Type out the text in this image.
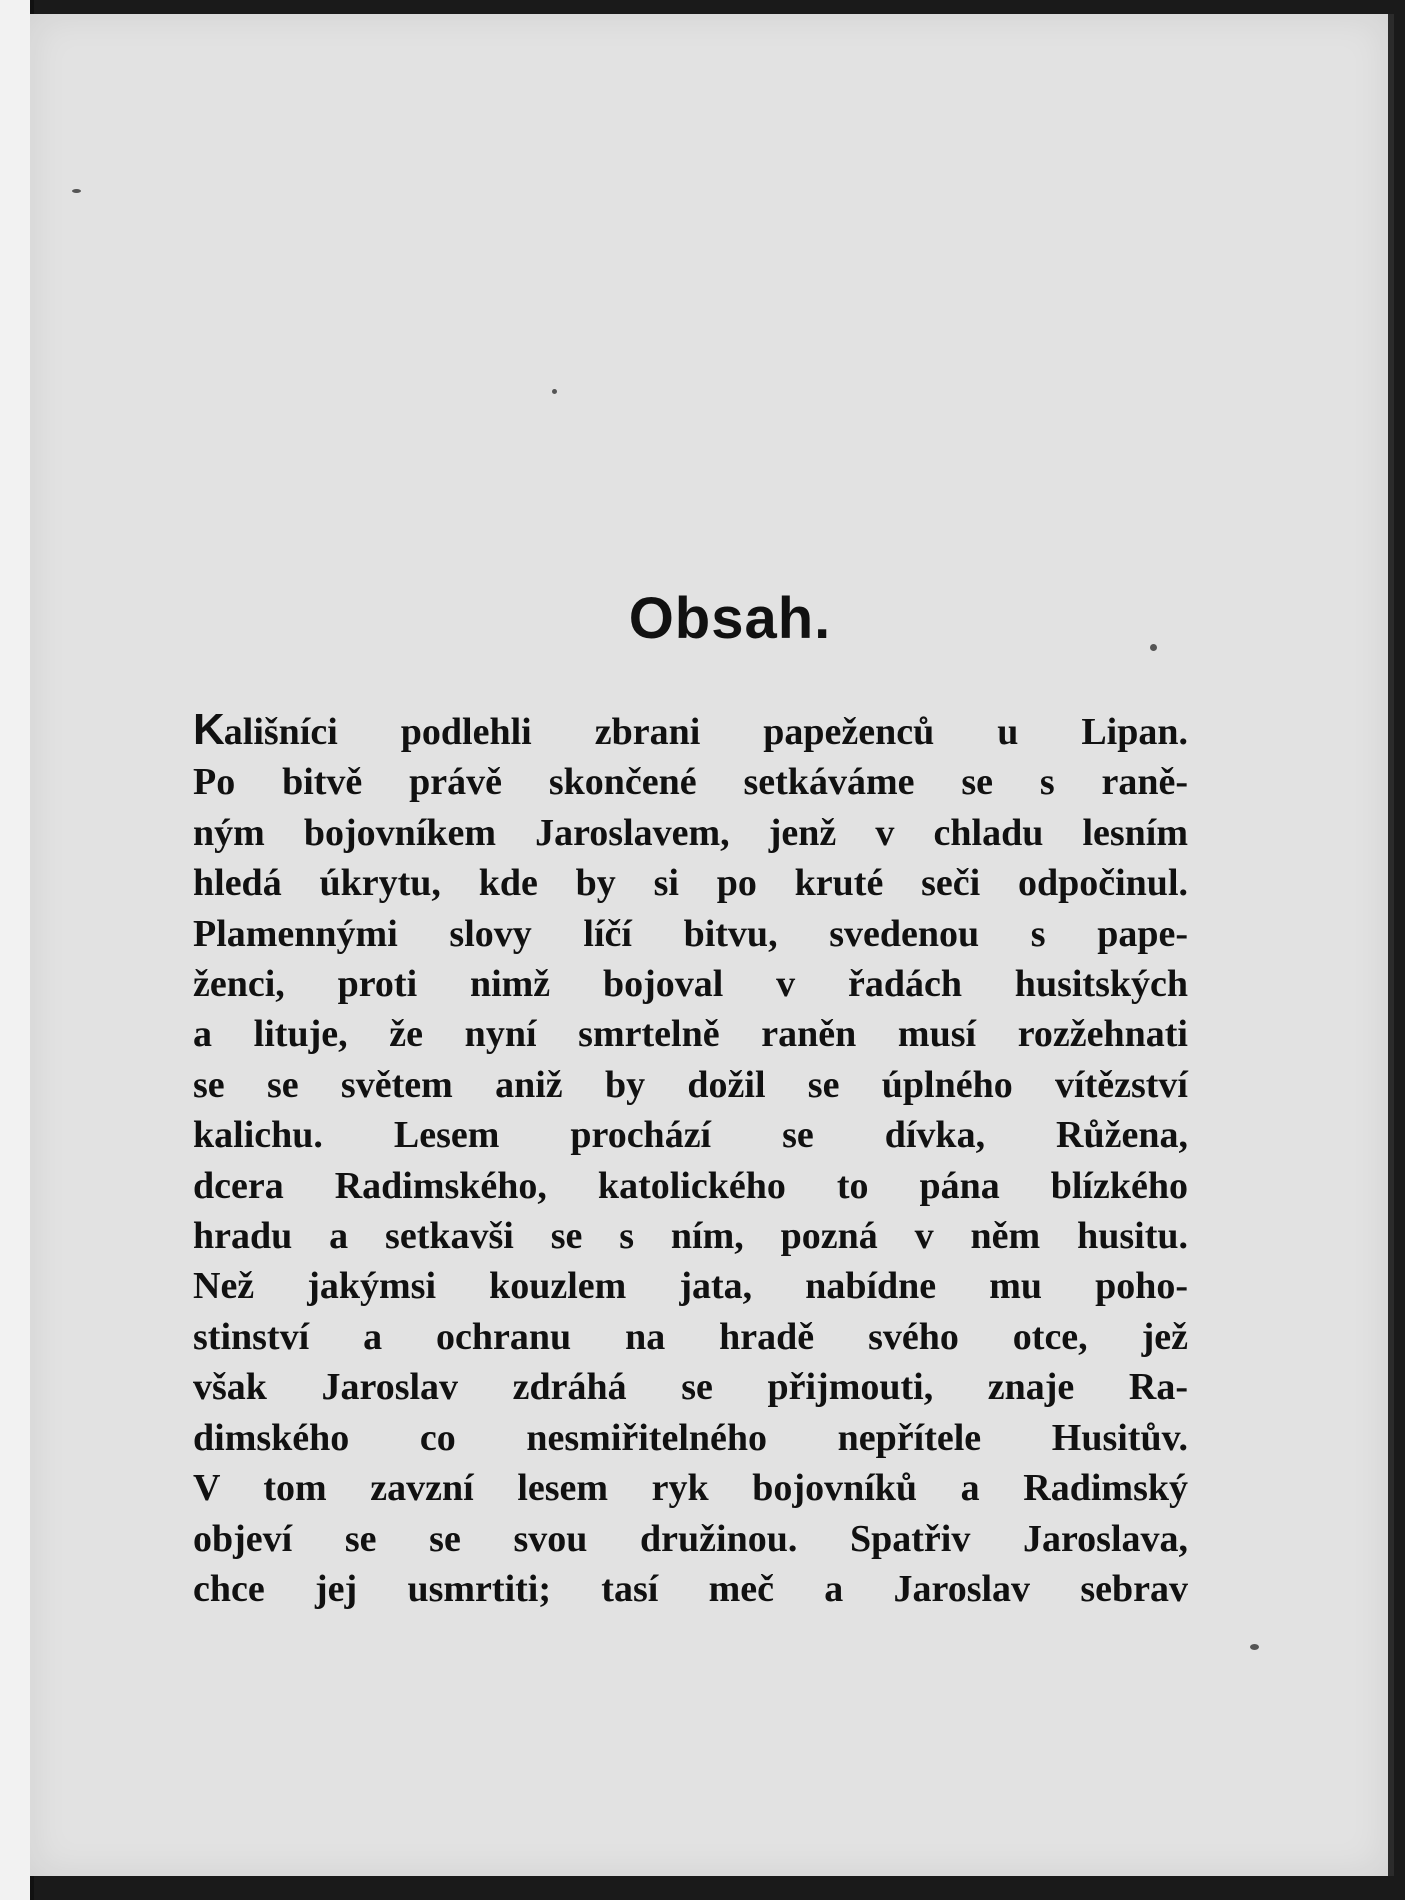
Obsah.
Kališníci podlehli zbrani papeženců u Lipan.
Po bitvě právě skončené setkáváme se s raně-
ným bojovníkem Jaroslavem, jenž v chladu lesním
hledá úkrytu, kde by si po kruté seči odpočinul.
Plamennými slovy líčí bitvu, svedenou s pape-
ženci, proti nimž bojoval v řadách husitských
a lituje, že nyní smrtelně raněn musí rozžehnati
se se světem aniž by dožil se úplného vítězství
kalichu. Lesem prochází se dívka, Růžena,
dcera Radimského, katolického to pána blízkého
hradu a setkavši se s ním, pozná v něm husitu.
Než jakýmsi kouzlem jata, nabídne mu poho-
stinství a ochranu na hradě svého otce, jež
však Jaroslav zdráhá se přijmouti, znaje Ra-
dimského co nesmiřitelného nepřítele Husitův.
V tom zavzní lesem ryk bojovníků a Radimský
objeví se se svou družinou. Spatřiv Jaroslava,
chce jej usmrtiti; tasí meč a Jaroslav sebrav
